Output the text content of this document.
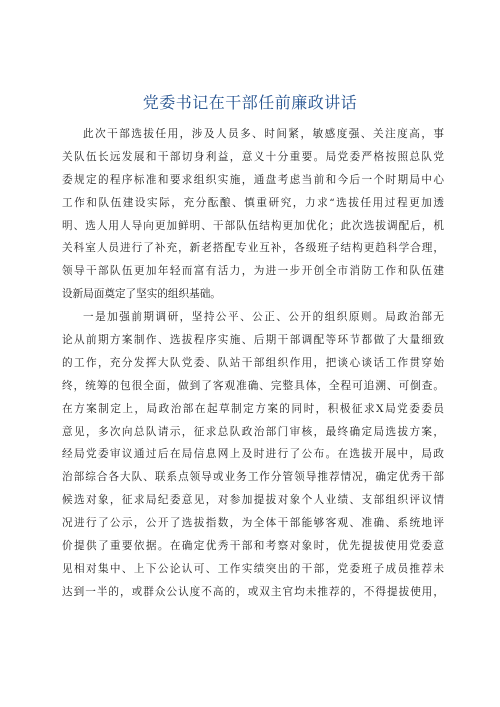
党委书记在干部任前廉政讲话
此次干部选拔任用，涉及人员多、时间紧，敏感度强、关注度高，事
关队伍长远发展和干部切身利益，意义十分重要。局党委严格按照总队党
委规定的程序标准和要求组织实施，通盘考虑当前和今后一个时期局中心
工作和队伍建设实际，充分酝酿、慎重研究，力求“选拔任用过程更加透
明、选人用人导向更加鲜明、干部队伍结构更加优化；此次选拔调配后，机
关科室人员进行了补充，新老搭配专业互补，各级班子结构更趋科学合理，
领导干部队伍更加年轻而富有活力，为进一步开创全市消防工作和队伍建
设新局面奠定了坚实的组织基础。
一是加强前期调研，坚持公平、公正、公开的组织原则。局政治部无
论从前期方案制作、选拔程序实施、后期干部调配等环节都做了大量细致
的工作，充分发挥大队党委、队站干部组织作用，把谈心谈话工作贯穿始
终，统筹的包很全面，做到了客观准确、完整具体，全程可追溯、可倒查。
在方案制定上，局政治部在起草制定方案的同时，积极征求X局党委委员
意见，多次向总队请示，征求总队政治部门审核，最终确定局选拔方案，
经局党委审议通过后在局信息网上及时进行了公布。在选拔开展中，局政
治部综合各大队、联系点领导或业务工作分管领导推荐情况，确定优秀干部
候选对象，征求局纪委意见，对参加提拔对象个人业绩、支部组织评议情
况进行了公示，公开了选拔指数，为全体干部能够客观、准确、系统地评
价提供了重要依据。在确定优秀干部和考察对象时，优先提拔使用党委意
见相对集中、上下公论认可、工作实绩突出的干部，党委班子成员推荐未
达到一半的，或群众公认度不高的，或双主官均未推荐的，不得提拔使用，
